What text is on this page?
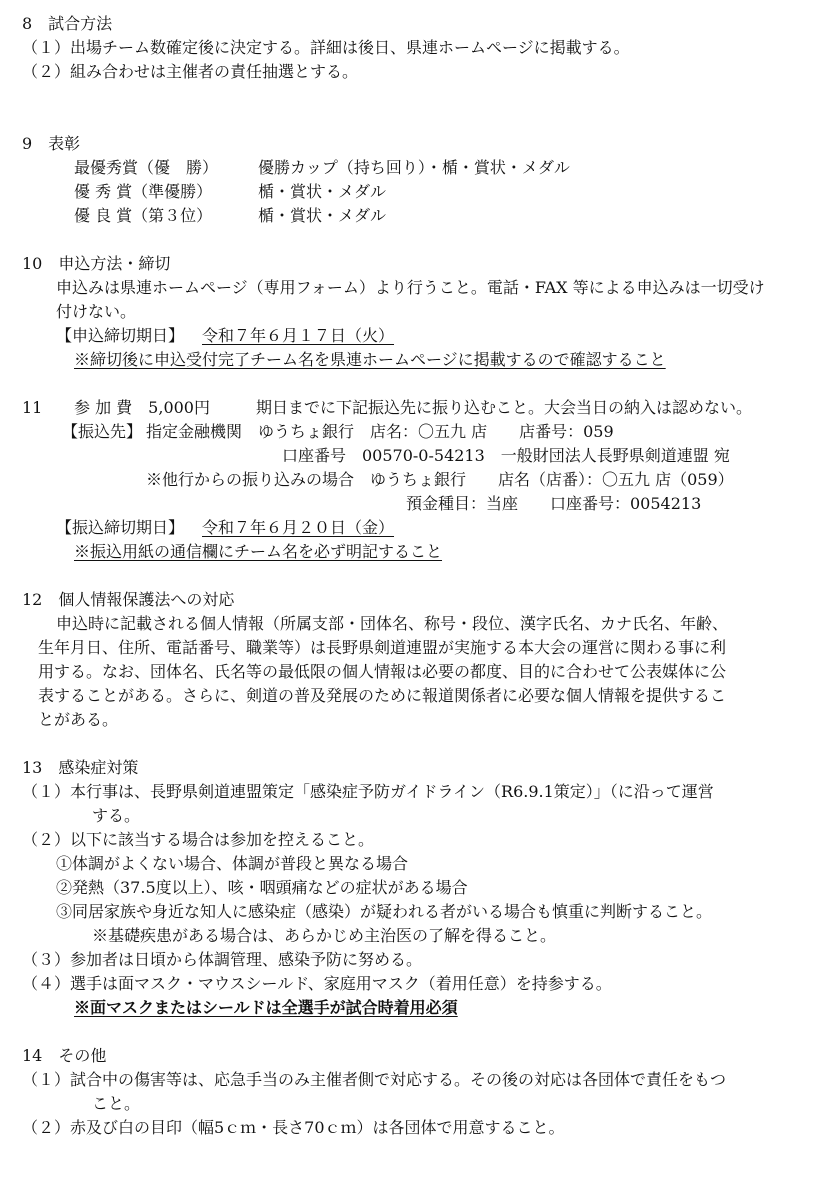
8　試合方法
（１）出場チーム数確定後に決定する。詳細は後日、県連ホームページに掲載する。
（２）組み合わせは主催者の責任抽選とする。
9　表彰
最優秀賞（優　勝） 優勝カップ（持ち回り）・楯・賞状・メダル
優 秀 賞（準優勝）	楯・賞状・メダル
優 良 賞（第３位）	楯・賞状・メダル
10　申込方法・締切
申込みは県連ホームページ（専用フォーム）より行うこと。電話・FAX 等による申込みは一切受け
付けない。
【申込締切期日】 令和７年６月１７日（火）
※締切後に申込受付完了チーム名を県連ホームページに掲載するので確認すること
11 参 加 費　5,000円	期日までに下記振込先に振り込むこと。大会当日の納入は認めない。
【振込先】 指定金融機関　ゆうちょ銀行　店名：〇五九 店　　店番号：059
口座番号　00570-0-54213　一般財団法人長野県剣道連盟 宛
※他行からの振り込みの場合　ゆうちょ銀行　　店名（店番）：〇五九 店（059）
預金種目：当座　　口座番号：0054213
【振込締切期日】 令和７年６月２０日（金）
※振込用紙の通信欄にチーム名を必ず明記すること
12　個人情報保護法への対応
申込時に記載される個人情報（所属支部・団体名、称号・段位、漢字氏名、カナ氏名、年齢、
生年月日、住所、電話番号、職業等）は長野県剣道連盟が実施する本大会の運営に関わる事に利
用する。なお、団体名、氏名等の最低限の個人情報は必要の都度、目的に合わせて公表媒体に公
表することがある。さらに、剣道の普及発展のために報道関係者に必要な個人情報を提供するこ
とがある。
13　感染症対策
（１）本行事は、長野県剣道連盟策定「感染症予防ガイドライン（R6.9.1策定）」（に沿って運営
する。
（２）以下に該当する場合は参加を控えること。
①体調がよくない場合、体調が普段と異なる場合
②発熱（37.5度以上）、咳・咽頭痛などの症状がある場合
③同居家族や身近な知人に感染症（感染）が疑われる者がいる場合も慎重に判断すること。
※基礎疾患がある場合は、あらかじめ主治医の了解を得ること。
（３）参加者は日頃から体調管理、感染予防に努める。
（４）選手は面マスク・マウスシールド、家庭用マスク（着用任意）を持参する。
※面マスクまたはシールドは全選手が試合時着用必須
14　その他
（１）試合中の傷害等は、応急手当のみ主催者側で対応する。その後の対応は各団体で責任をもつ
こと。
（２）赤及び白の目印（幅5ｃｍ・長さ70ｃｍ）は各団体で用意すること。
